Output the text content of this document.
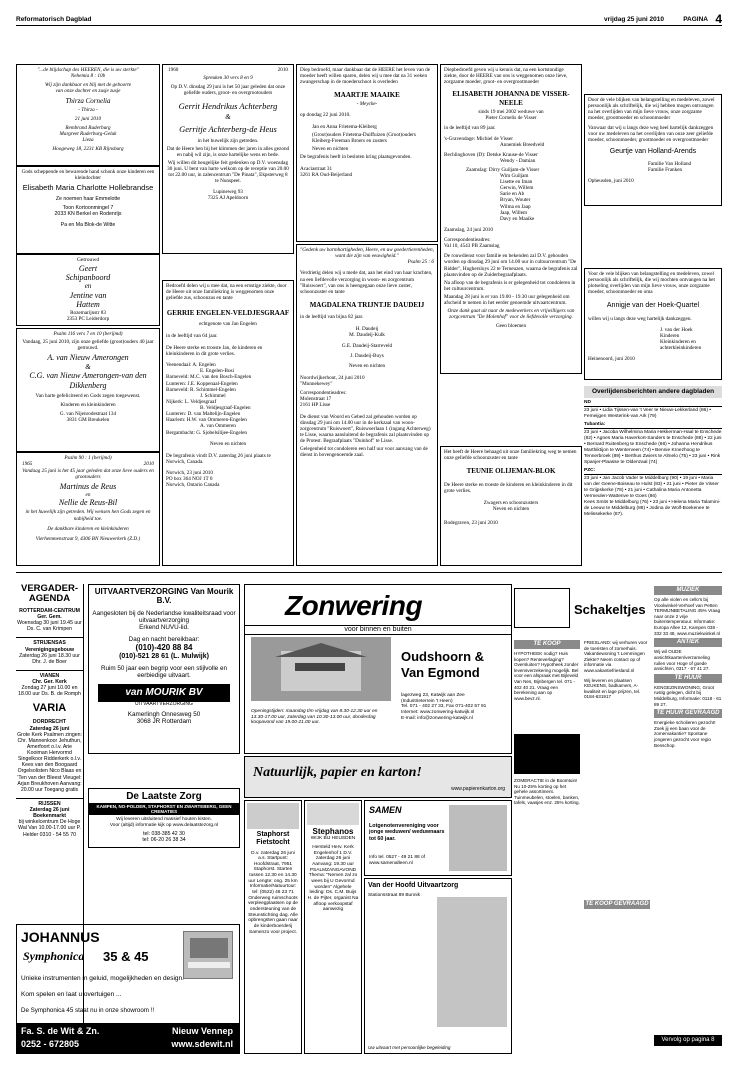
Reformatorisch Dagblad	vrijdag 25 juni 2010	PAGINA 4
"...de blijdschap des HEEREN, die is uw sterkte"
Nehemia 8 : 10b
Wij zijn dankbaar en blij met de geboorte
van onze dochter en zusje zusje
Thirza Cornelia
- Thirza -
21 juni 2010
Rembrand Ruderburg
Margreet Ruderburg-Geluk
Lieza
Hoogeweg 18, 2231 KB Rijnsburg
Gods scheppende en bewarende hand schonk onze kinderen een kleindochter
Elisabeth Maria Charlotte Hollebrandse
Ze noemen haar Emmelotte
Toon Kortoonmingel 7
2033 KN Berkel en Rodenrijs
Pa en Ma Blok-de Witte
Getrouwd
Geert
Schipanboord
en
Jentine van
Hattem
Rozemarijnstr 83
2353 PC Leiderdorp
Psalm 116 vers 7 en 10 (berijmd)
Vandaag, 25 juni 2010, zijn onze geliefde (groot)ouders 40 jaar getrouwd.
A. van Nieuw Amerongen
&
C.G. van Nieuw Amerongen-van den Dikkenberg
Van harte gefeliciteerd en Gods zegen toegewenst.
Kinderen en kleinkinderen
G. van Nijenrodestraat 134
3831 GM Breukelen
Psalm 90 : 1 (berijmd)
1965	2010
Vandaag 25 juni is het 45 jaar geleden dat onze lieve ouders en grootouders
Martinus de Reus
en
Nellie de Reus-Bil
in het huwelijk zijn getreden. Wij wensen hen Gods zegen en nabijheid toe.
De dankbare kinderen en kleinkinderen
Vierhemmenstraat 9, 4306 BN Nieuwerkerk (Z.D.)
1960	2010
Spreuken 30 vers 8 en 9
Op D.V. dinsdag 29 juni is het 50 jaar geleden dat onze geliefde ouders, groot- en overgrootouders
Gerrit Hendrikus Achterberg
&
Gerritje Achterberg-de Heus
in het huwelijk zijn getreden.
Dat de Heere hen bij het klimmen der jaren in alles gezond en nabij wil zijn, is onze hartelijke wens en bede.
Wij willen dit heugelijke feit gedenken op D.V. woensdag 30 juni. U bent van harte welkom op de receptie van 20.00 tot 22.00 uur, in zalencentrum "De Pinata", Ekpsterweg 8 te Nunspeet.
Lupineweg 93
7325 AJ Apeldoorn
Bedroefd delen wij u mee dat, na een ernstige ziekte, door de Heere uit onze familiekring is weggenomen onze geliefde zus, schoonzus en tante
GERRIE ENGELEN-VELDJESGRAAF
echtgenote van Jan Engelen
in de leeftijd van 64 jaar.
De Heere sterke en trooste Jan, de kinderen en kleinkinderen in dit grote verlies.
Veenendaal: A. Engelen
E. Engelen-Bosi
Barneveld: M.C. van den Bosch-Engelen
Lunteren: J.E. Koppenaal-Engelen
Barneveld: R. Schimmel-Engelen
J. Schimmel
Nijkerk: L. Veldjesgraaf
B. Veldjesgraaf-Engelen
Lunteren: D. van Maltelijn-Engelen
Haarlem: H.W. van Ommeren-Engelen
A. van Ommeren
Bergambacht: G. Sjobelsilijee-Engelen
Neven en nichten
De begrafenis vindt D.V. zaterdag 26 juni plaats te Norwich, Canada.
Norwich, 23 juni 2010
PO box 364 NOJ 1T 0
Norwich, Ontario Canada
Diep bedroefd, maar dankbaar dat de HEERE het leven van de moeder heeft willen sparen, delen wij u mee dat na 31 weken zwangerschap in de moederschoot is overleden
MAARTJE MAAIKE
- Meycke-
op dondag 22 juni 2010.
Jan en Anna Frietema-Kleiberg
(Groot)ouders Frietema-Duiffuizen (Groot)ouders Kleiberg-Freeman Broers en zusters
Neven en nichten
De begrafenis heeft in besloten kring plaatsgevonden.
Acaciastraat 31
3261 RA Oud-Beijerland
"Gedenk uw barmhartigheden, Heere, en uw goedertierenheden, want die zijn van eeuwigheid."
Psalm 25 : 6
Verdrietig delen wij u mede dat, aan het eind van haar krachten, na een liefdevolle verzorging in woon- en zorgcentrum "Ruiswoert", van ons is heengegaan onze lieve zuster, schoonzuster en tante
MAGDALENA TRIJNTJE DAUDEIJ
in de leeftijd van bijna 82 jaar.
H. Daudeij
M. Daudeij-Kulk
G.E. Daudeij-Starreveld
J. Daudeij-Buys
Neven en nichten
Noordwijkerhout, 24 juni 2010
"Munnekewey"
Correspondentieadres:
Molenstraat 17
2161 HP Lisse
De dienst van Woord en Gebed zal gehouden worden op dinsdag 29 juni om 14.00 uur in de kerkzaal van woon-zorgcentrum "Ruiswoert", Ruiswoerlaan 1 (ingang Achterweg) te Lisse, waarna aansluitend de begrafenis zal plaatsvinden op de Protest. Begraafplaats "Duinhof" te Lisse.
Gelegenheid tot condoleren een half uur voor aanvang van de dienst in bovengenoemde zaal.
Diepbedroefd geven wij u kennis dat, na een kortstondige ziekte, door de HEERE van ons is weggenomen onze lieve, zorgzame moeder, groot- en overgrootmoeder
ELISABETH JOHANNA DE VISSER-NEELE
sinds 19 mei 2002 weduwe van
Pieter Cornelis de Visser
in de leeftijd van 89 jaar.
's-Gravendage: Michiel de Visser
Annemiek Breedveld
Bechlinghoven (D): Detske Krause-de Visser
Wendy - Damian
Zaamslag: Dirry Guiljam-de Visser
Wim Guiljam
Lisette en Iman
Gerwin, Willem
Sarie en Ab
Bryan, Wouter
Wilma en Jaap
Jaap, Willem
Davy en Maaike
Zaamslag, 24 juni 2010
Correspondentieadres:
Val 10, 4543 PB Zaamslag
De rouwdienst voor familie en bekenden zal D.V. gehouden worden op dinsdag 29 juni om 14.00 uur in cultuurcentrum "De Ridder", Hughersluys 22 te Terneuzen, waarna de begrafenis zal plaatsvinden op de Zuiderbegraafplaats.
Na afloop van de begrafenis is er gelegenheid tot condoleren in het cultuurcentrum.
Maandag 28 juni is er van 19.00 - 19.30 uur gelegenheid om afscheid te nemen in het eerder genoemde uitvaartcentrum.
Onze dank gaat uit naar de medewerkers en vrijwilligers van zorgcentrum "De Molenhof" voor de liefdevolle verzorging.
Geen bloemen
Het heeft de Heere behaagd uit onze familiekring weg te nemen onze geliefde schoonzuster en tante
TEUNIE OLIJEMAN-BLOK
De Heere sterke en troeste de kinderen en kleinkinderen in dit grote verlies.
Zwagers en schoonzusters
Neven en nichten
Bodegraven, 23 juni 2010
Door de vele blijken van belangstelling en medeleven, zowel persoonlijk als schriftelijk, die wij hebben mogen ontvangen na het overlijden van mijn lieve vrouw, onze zorgzame moeder, grootmoeder en schoonmoeder
Vanwaar dat wij u langs deze weg heel hartelijk dankzeggen voor uw medeleven na het overlijden van onze zeer geliefde moeder, schoonmoeder, grootmoeder en overgrootmoeder
Geurtje van Holland-Arends
Familie Van Holland
Familie Franken
Opheusden, juni 2010
Voor de vele blijken van belangstelling en medeleven, zowel persoonlijk als schriftelijk, die wij mochten ontvangen na het plotseling overlijden van mijn lieve vrouw, onze zorgzame moeder, schoonmoeder en oma
Annigje van der Hoek-Quartel
willen wij u langs deze weg hartelijk dankzeggen.
J. van der Hoek
Kinderen
Kleinkinderen en
achterkleinkinderen
Heinenoord, juni 2010
Overlijdensberichten andere dagbladen
ND
23 juni • Lidia Tijssen-van 't Veer te Nieuw-Lekkerland (86) • Femeijgen Westerink-van Ark (79)
Tubantia:
23 juni • Jacoba Wilhelmina Maria Hekkerman-Haal te Enschede (82) • Agnes Maria Haverkort-Sanders te Enschede (88) • 22 juni • Bernard Ruitenberg te Enschede (68) • Johanna Hendrikus Marthiktijon te Wenterveen (74) • Bennie Kroezhoog te Tennerbroek (89) • Berthus Zwiers te Almelo (75) • 23 juni • Rink Spanjer-Plaasse te Oldenzaal (74)
PZC:
23 juni • Jan Jacob Vader te Middelburg (90) • 19 juni • Maria van der Geene-Boiseau te Hulst (83) • 21 juni • Pieter de Visser te Grijpskerke (78) • 21 juni • Cathalina Maria Antonetta Vermeulen-Wattenve te Goes (86)
Kees Smits te Middelburg (76) • 23 juni • Helena Maria Talamini-de Leeuw te Middelburg (88) • Jodina de Wolf-Boekenee te Melissekerke (87).
VERGADER-AGENDA
ROTTERDAM-CENTRUM
Ger. Gem.
Woensdag 30 juni 19.45 uur Ds. C. van Krimpen
STRIJENSAS
Verenigingsgebouw
Zaterdag 26 juni 18.30 uur Dhr. J. de Boer
VIANEN
Chr. Ger. Kerk
Zondag 27 juni 10.00 en 18.00 uur Ds. B. de Romph
VARIA
DORDRECHT
Zaterdag 26 juni
Grote Kerk Psalmen zingen: Chr. Mannenkoor Jehuthun, Amerfoort o.l.v. Arie Kooiman Hervormd Singelkoor Ridderkerk o.l.v. Kees van den Boogaard Orgelsolisten Nico Blaas en 'Ten van der Bleest Vleugel: Arjan Breukhoven Aanvang: 20.00 uur Toegang gratis
RIJSSEN
Zaterdag 26 juni Boekenmarkt
bij winkelcentrum De Hoge Wal Van 10.00-17.00 uur P. Helder 0310 - 54 55 70
UITVAARTVERZORGING Van Mourik B.V.
Aangesloten bij de Nederlandse kwaliteitsraad voor uitvaartverzorging
Erkend NUVU-lid.
Dag en nacht bereikbaar:
(010)-420 88 84
(010)-521 28 61 (L. Mulwijk)
Ruim 50 jaar een begrip voor een stijlvolle en eerbiedige uitvaart.
van MOURIK BV
UITVAARTVERZORGING
Kamerlingh Onnesweg 50
3068 JR Rotterdam
De Laatste Zorg
KAMPEN, NO-POLDER, STAPHORST EN ZWARTEBERG, GEEN CREMATIES
Wij leveren uitsluitend massief houten kisten.
Voor (altijd) informatie kijk op www.delaatstezorg.nl
tel: 038-385 42 30
tel: 06-20 26 38 34
JOHANNUS
Symphonica 35 & 45
Unieke instrumenten in geluid, mogelijkheden en design.
Kom spelen en laat u overtuigen ...
De Symphonica 45 staat nu in onze showroom !!
Fa. S. de Wit & Zn.	Nieuw Vennep
0252 - 672805	www.sdewit.nl
Zonwering
voor binnen en buiten
Oudshoorn &
Van Egmond
Openingstijden: maandag t/m vrijdag van 8.30-12.30 uur en 13.30-17.00 uur, zaterdag van 10.30-13.00 uur, donderdag koopavond van 19.00-21.00 uur.
lagezweg 23, Katwijk aan Zee
(Industrieterrein 't Heen)
Tel. 071 - 402 27 33, Fax 071-402 57 91
Internet: www.zonwering-katwijk.nl
E-mail: info@zonwering-katwijk.nl
Natuurlijk, papier en karton!
www.papierenkarton.org
Staphorst Fietstocht
D.v. zaterdag 26 juni a.s. Startpunt: Hoofdstraat, 7951 Staphorst. Starten tussen 12.30 en 14.30 uur Lengte: ong. 25 km Informatie/Natuurtour: tel: (0522) 46 23 71 Onderweg ruimschoots verpleegplaatsen op de ondersteuning van de Steunstichting dag. Alle opbrengsten gaan naar de kinderboerderij Samenzo voor project.
Stephanos
WIJK BIJ HEUSDEN
Hersteld Herv. Kerk Engelenhof 1 D.V. zaterdag 26 juni Aanvang: 19.30 uur PSALMZANGAVOND Thema: "Nemen zal zo wees bij U Gevormd worden" Algehele leiding: Ds. C.M. Buijs H. de Pijter, organist Na afloop verkoopstaf aanwezig
SAMEN
Lotgenotenvereniging voor jonge weduwen/ weduwnaars tot 60 jaar.
Info tel. 0527 - 49 21 88 of www.samenalleen.nl
Van der Hoofd Uitvaartzorg
Stationsstraat 89 Bunnik
Uw uitvaart met persoonlijke begeleiding
Schakeltjes
TE KOOP
HYPOTHEEK nodig? Huis kopen? Renteverlaging? Oversluiten? Hypotheek zonder levensverzekering mogelijk. Bel voor een afspraak met Bijleveld Van Nes, Bijnbergen tel. 071 - 402 40 21. Vraag een berekening aan op www.bevz.nl.
ZOMERACTIE in de Boomtuin! Nu 10-25% korting op het gehele assortiment. Tuinmeubelen, stoelen, banken, tafels, vaasjes enz. 25% korting.
FRIESLAND: wij verhuren voor de toeristen of zomerhuis. Vakantiewoning 't Lemmingen Ziekte? Neem contact op of informatie via www.vakantiefriesland.nl
Wij leveren en plaatsen KEUKENS, badkamers, A-kwaliteit en lage prijzen, tel. 0184-631917
TE KOOP GEVRAAGD
MUZIEK
Op alle violen en cello's bij Vioolwinkel-Verhoef van Petten TERMIJNBETALING 45% Vraag naar onze 2 vrije buitentemperatuur. Informatie: Europa Allee 12, Kampen 038 - 332 33 48, www.muziekwinkel.nl
ANTIEK
Wij wil OUDE ansichtkaarten/verzameling ruilen voor Hoge of goede ansichten, 0317 - 67 41 27.
TE HUUR
KENGEZINSWONING, Groot rustig gelegen, dicht bij Middelburg, Informatie: 0118 - 61 89 27.
TE HUUR GEVRAAGD
Energieke scholieren gezocht! Zoek jij een baan voor de zomervakantie? Spontane jongeren gezocht voor regio Benschop.
Vervolg op pagina 8
